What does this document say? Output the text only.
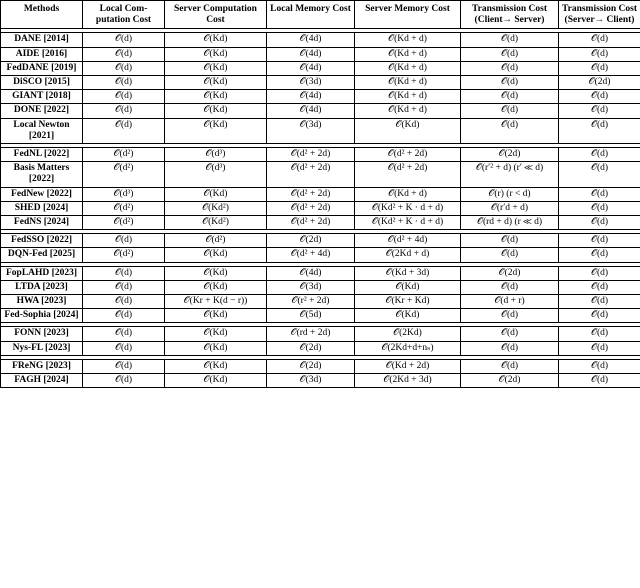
Methods	Local Com-putation Cost	Server Computation Cost	Local Memory Cost	Server Memory Cost	Transmission Cost (Client→ Server)	Transmission Cost (Server→ Client)

DANE [2014]	𝒪(d)	𝒪(Kd)	𝒪(4d)	𝒪(Kd + d)	𝒪(d)	𝒪(d)
AIDE [2016]	𝒪(d)	𝒪(Kd)	𝒪(4d)	𝒪(Kd + d)	𝒪(d)	𝒪(d)
FedDANE [2019]	𝒪(d)	𝒪(Kd)	𝒪(4d)	𝒪(Kd + d)	𝒪(d)	𝒪(d)
DiSCO [2015]	𝒪(d)	𝒪(Kd)	𝒪(3d)	𝒪(Kd + d)	𝒪(d)	𝒪(2d)
GIANT [2018]	𝒪(d)	𝒪(Kd)	𝒪(4d)	𝒪(Kd + d)	𝒪(d)	𝒪(d)
DONE [2022]	𝒪(d)	𝒪(Kd)	𝒪(4d)	𝒪(Kd + d)	𝒪(d)	𝒪(d)
Local Newton [2021]	𝒪(d)	𝒪(Kd)	𝒪(3d)	𝒪(Kd)	𝒪(d)	𝒪(d)

FedNL [2022]	𝒪(d²)	𝒪(d³)	𝒪(d² + 2d)	𝒪(d² + 2d)	𝒪(2d)	𝒪(d)
Basis Matters [2022]	𝒪(d²)	𝒪(d³)	𝒪(d² + 2d)	𝒪(d² + 2d)	𝒪(r′² + d) (r′ ≪ d)	𝒪(d)
FedNew [2022]	𝒪(d³)	𝒪(Kd)	𝒪(d² + 2d)	𝒪(Kd + d)	𝒪(r) (r < d)	𝒪(d)
SHED [2024]	𝒪(d²)	𝒪(Kd²)	𝒪(d² + 2d)	𝒪(Kd² + K · d + d)	𝒪(r′d + d)	𝒪(d)
FedNS [2024]	𝒪(d²)	𝒪(Kd²)	𝒪(d² + 2d)	𝒪(Kd² + K · d + d)	𝒪(rd + d) (r ≪ d)	𝒪(d)

FedSSO [2022]	𝒪(d)	𝒪(d²)	𝒪(2d)	𝒪(d² + 4d)	𝒪(d)	𝒪(d)
DQN-Fed [2025]	𝒪(d²)	𝒪(Kd)	𝒪(d² + 4d)	𝒪(2Kd + d)	𝒪(d)	𝒪(d)

FopLAHD [2023]	𝒪(d)	𝒪(Kd)	𝒪(4d)	𝒪(Kd + 3d)	𝒪(2d)	𝒪(d)
LTDA [2023]	𝒪(d)	𝒪(Kd)	𝒪(3d)	𝒪(Kd)	𝒪(d)	𝒪(d)
HWA [2023]	𝒪(d)	𝒪(Kr + K(d − r))	𝒪(r² + 2d)	𝒪(Kr + Kd)	𝒪(d + r)	𝒪(d)
Fed-Sophia [2024]	𝒪(d)	𝒪(Kd)	𝒪(5d)	𝒪(Kd)	𝒪(d)	𝒪(d)

FONN [2023]	𝒪(d)	𝒪(Kd)	𝒪(rd + 2d)	𝒪(2Kd)	𝒪(d)	𝒪(d)
Nys-FL [2023]	𝒪(d)	𝒪(Kd)	𝒪(2d)	𝒪(2Kd+d+nₛ)	𝒪(d)	𝒪(d)

FReNG [2023]	𝒪(d)	𝒪(Kd)	𝒪(2d)	𝒪(Kd + 2d)	𝒪(d)	𝒪(d)
FAGH [2024]	𝒪(d)	𝒪(Kd)	𝒪(3d)	𝒪(2Kd + 3d)	𝒪(2d)	𝒪(d)
